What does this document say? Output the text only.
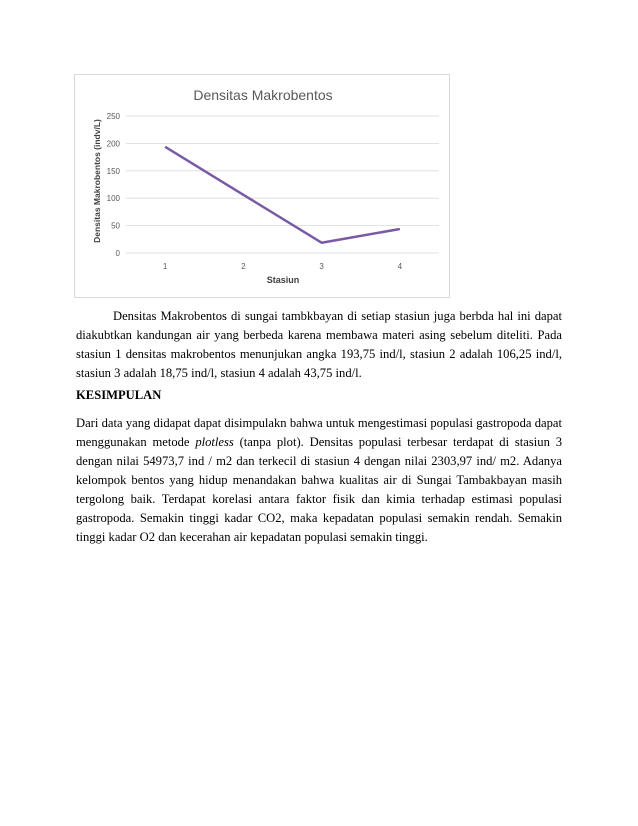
Densitas Makrobentos
0
50
100
150
200
250
1	2	3	4
Stasiun
Densitas Makrobentos (indv/L)

Densitas Makrobentos di sungai tambkbayan di setiap stasiun juga berbda hal ini dapat diakubtkan kandungan air yang berbeda karena membawa materi asing sebelum diteliti. Pada stasiun 1 densitas makrobentos menunjukan angka 193,75 ind/l, stasiun 2 adalah 106,25 ind/l, stasiun 3 adalah 18,75 ind/l, stasiun 4 adalah 43,75 ind/l.

KESIMPULAN

Dari data yang didapat dapat disimpulakn bahwa untuk mengestimasi populasi gastropoda dapat menggunakan metode plotless (tanpa plot). Densitas populasi terbesar terdapat di stasiun 3 dengan nilai 54973,7 ind / m2 dan terkecil di stasiun 4 dengan nilai 2303,97 ind/ m2. Adanya kelompok bentos yang hidup menandakan bahwa kualitas air di Sungai Tambakbayan masih tergolong baik. Terdapat korelasi antara faktor fisik dan kimia terhadap estimasi populasi gastropoda. Semakin tinggi kadar CO2, maka kepadatan populasi semakin rendah. Semakin tinggi kadar O2 dan kecerahan air kepadatan populasi semakin tinggi.
